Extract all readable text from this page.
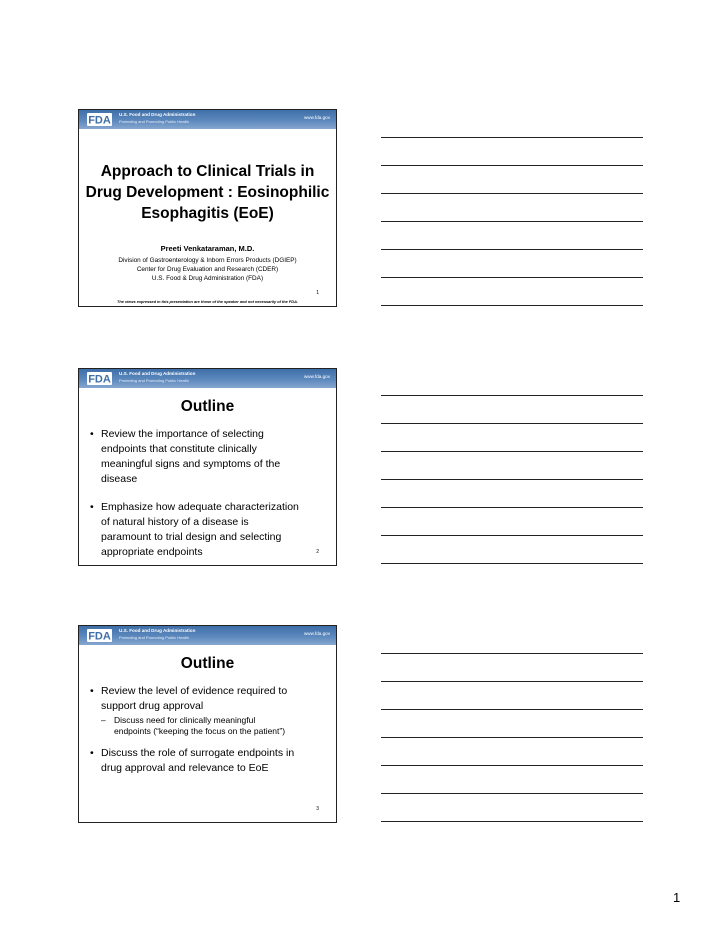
FDA U.S. Food and Drug Administration
Protecting and Promoting Public Health
www.fda.gov
Approach to Clinical Trials in
Drug Development : Eosinophilic
Esophagitis (EoE)
Preeti Venkataraman, M.D.
Division of Gastroenterology & Inborn Errors Products (DGIEP)
Center for Drug Evaluation and Research (CDER)
U.S. Food & Drug Administration (FDA)
1
The views expressed in this presentation are those of the speaker and not necessarily of the FDA.
FDA U.S. Food and Drug Administration
Protecting and Promoting Public Health
www.fda.gov
Outline
• Review the importance of selecting
endpoints that constitute clinically
meaningful signs and symptoms of the
disease
• Emphasize how adequate characterization
of natural history of a disease is
paramount to trial design and selecting
appropriate endpoints	2
FDA U.S. Food and Drug Administration
Protecting and Promoting Public Health
www.fda.gov
Outline
• Review the level of evidence required to
support drug approval
– Discuss need for clinically meaningful
endpoints (“keeping the focus on the patient”)
• Discuss the role of surrogate endpoints in
drug approval and relevance to EoE
3
1
